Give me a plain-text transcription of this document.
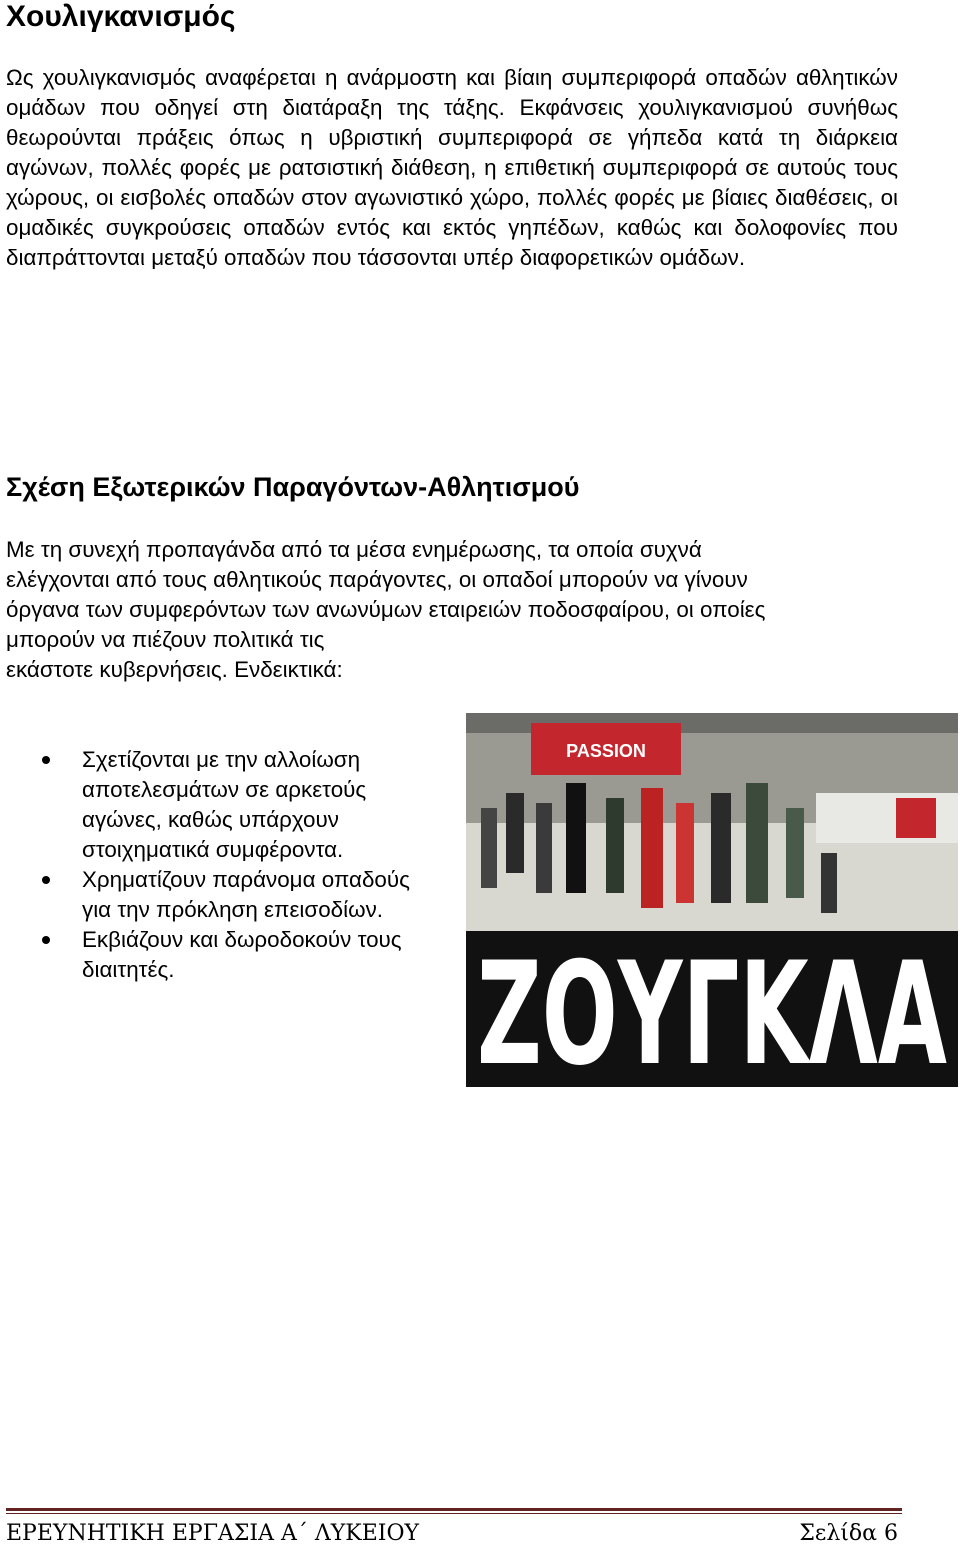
Χουλιγκανισμός

Ως χουλιγκανισμός αναφέρεται η ανάρμοστη και βίαιη συμπεριφορά οπαδών αθλητικών ομάδων που οδηγεί στη διατάραξη της τάξης. Εκφάνσεις χουλιγκανισμού συνήθως θεωρούνται πράξεις όπως η υβριστική συμπεριφορά σε γήπεδα κατά τη διάρκεια αγώνων, πολλές φορές με ρατσιστική διάθεση, η επιθετική συμπεριφορά σε αυτούς τους χώρους, οι εισβολές οπαδών στον αγωνιστικό χώρο, πολλές φορές με βίαιες διαθέσεις, οι ομαδικές συγκρούσεις οπαδών εντός και εκτός γηπέδων, καθώς και δολοφονίες που διαπράττονται μεταξύ οπαδών που τάσσονται υπέρ διαφορετικών ομάδων.

Σχέση Εξωτερικών Παραγόντων-Αθλητισμού

Με τη συνεχή προπαγάνδα από τα μέσα ενημέρωσης, τα οποία συχνά
ελέγχονται από τους αθλητικούς παράγοντες, οι οπαδοί μπορούν να γίνουν
όργανα των συμφερόντων των ανωνύμων εταιρειών ποδοσφαίρου, οι οποίες
μπορούν να πιέζουν πολιτικά τις
εκάστοτε κυβερνήσεις. Ενδεικτικά:

Σχετίζονται με την αλλοίωση αποτελεσμάτων σε αρκετούς αγώνες, καθώς υπάρχουν στοιχηματικά συμφέροντα.
Χρηματίζουν παράνομα οπαδούς για την πρόκληση επεισοδίων.
Εκβιάζουν και δωροδοκούν τους διαιτητές.
PASSION
ΖΟΥΓΚΛΑ
ΕΡΕΥΝΗΤΙΚΗ ΕΡΓΑΣΙΑ Α΄ ΛΥΚΕΙΟΥ	Σελίδα 6
